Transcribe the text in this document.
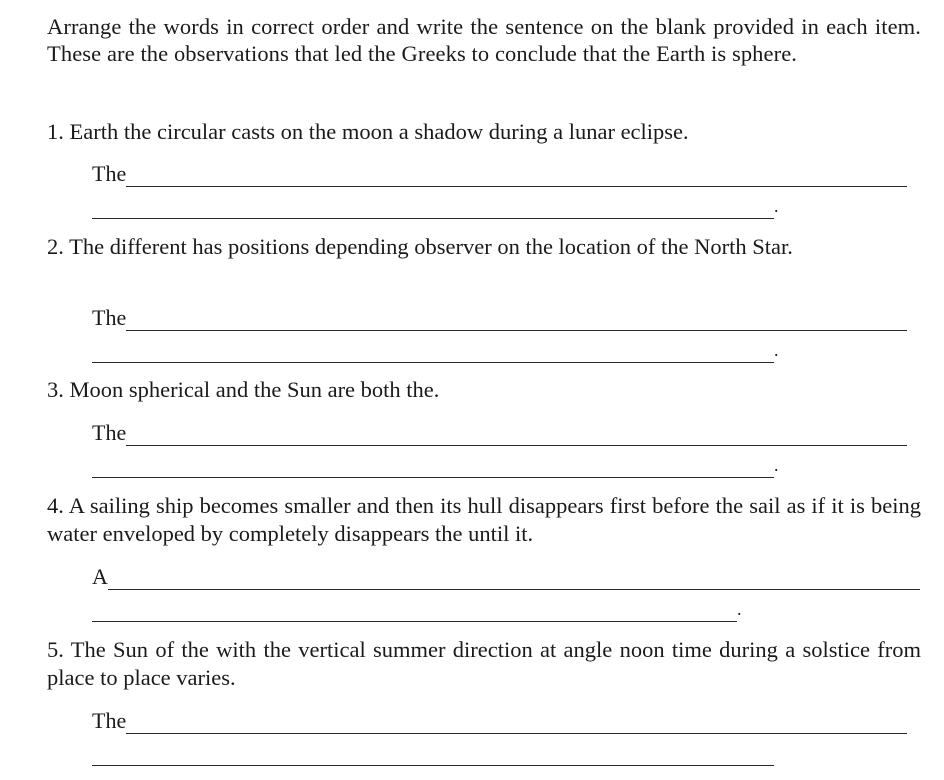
Arrange the words in correct order and write the sentence on the blank provided in each item. These are the observations that led the Greeks to conclude that the Earth is sphere.

1. Earth the circular casts on the moon a shadow during a lunar eclipse.

The
.

2. The different has positions depending observer on the location of the North Star.

The
.

3. Moon spherical and the Sun are both the.

The
.

4. A sailing ship becomes smaller and then its hull disappears first before the sail as if it is being water enveloped by completely disappears the until it.

A
.

5. The Sun of the with the vertical summer direction at angle noon time during a solstice from place to place varies.

The
